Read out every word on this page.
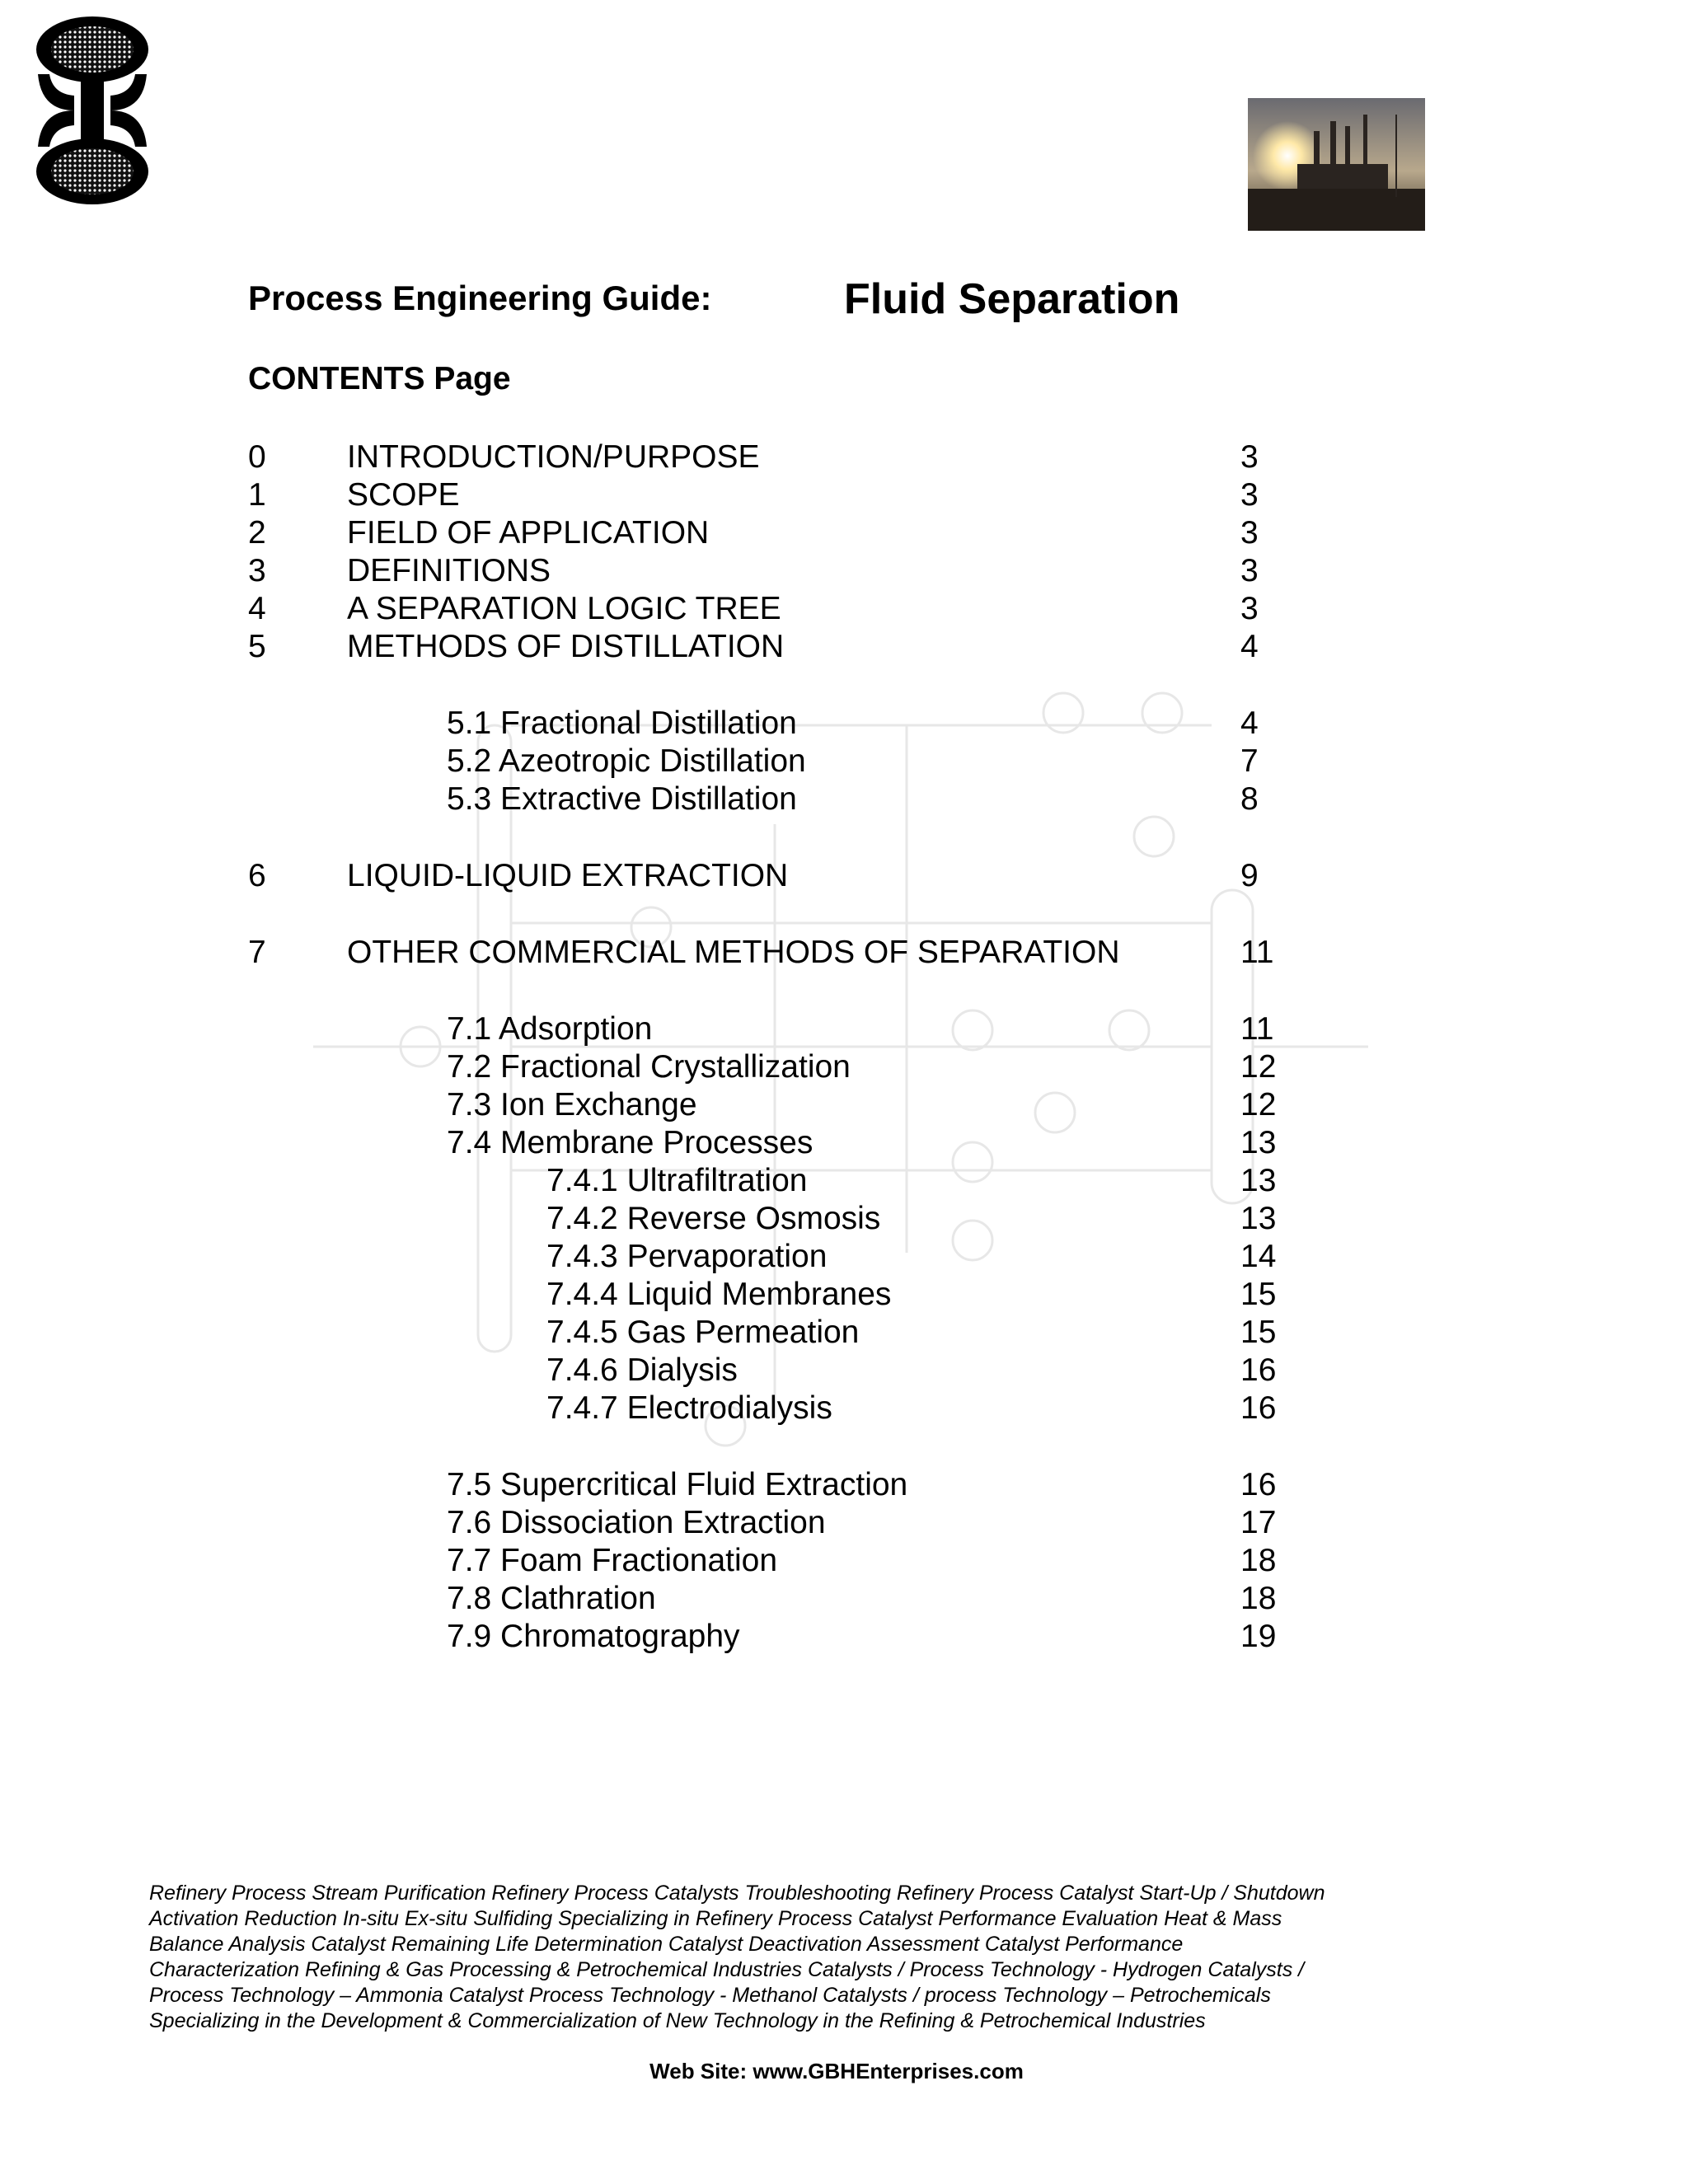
Process Engineering Guide:	Fluid Separation
CONTENTS Page
0	INTRODUCTION/PURPOSE	3
1	SCOPE	3
2	FIELD OF APPLICATION	3
3	DEFINITIONS	3
4	A SEPARATION LOGIC TREE	3
5	METHODS OF DISTILLATION	4
5.1 Fractional Distillation	4
5.2 Azeotropic Distillation	7
5.3 Extractive Distillation	8
6	LIQUID-LIQUID EXTRACTION	9
7	OTHER COMMERCIAL METHODS OF SEPARATION	11
7.1 Adsorption	11
7.2 Fractional Crystallization	12
7.3 Ion Exchange	12
7.4 Membrane Processes	13
7.4.1 Ultrafiltration	13
7.4.2 Reverse Osmosis	13
7.4.3 Pervaporation	14
7.4.4 Liquid Membranes	15
7.4.5 Gas Permeation	15
7.4.6 Dialysis	16
7.4.7 Electrodialysis	16
7.5 Supercritical Fluid Extraction	16
7.6 Dissociation Extraction	17
7.7 Foam Fractionation	18
7.8 Clathration	18
7.9 Chromatography	19
Refinery Process Stream Purification Refinery Process Catalysts Troubleshooting Refinery Process Catalyst Start-Up / Shutdown
Activation Reduction In-situ Ex-situ Sulfiding Specializing in Refinery Process Catalyst Performance Evaluation Heat & Mass
Balance Analysis Catalyst Remaining Life Determination Catalyst Deactivation Assessment Catalyst Performance
Characterization Refining & Gas Processing & Petrochemical Industries Catalysts / Process Technology - Hydrogen Catalysts /
Process Technology – Ammonia Catalyst Process Technology - Methanol Catalysts / process Technology – Petrochemicals
Specializing in the Development & Commercialization of New Technology in the Refining & Petrochemical Industries
Web Site: www.GBHEnterprises.com
